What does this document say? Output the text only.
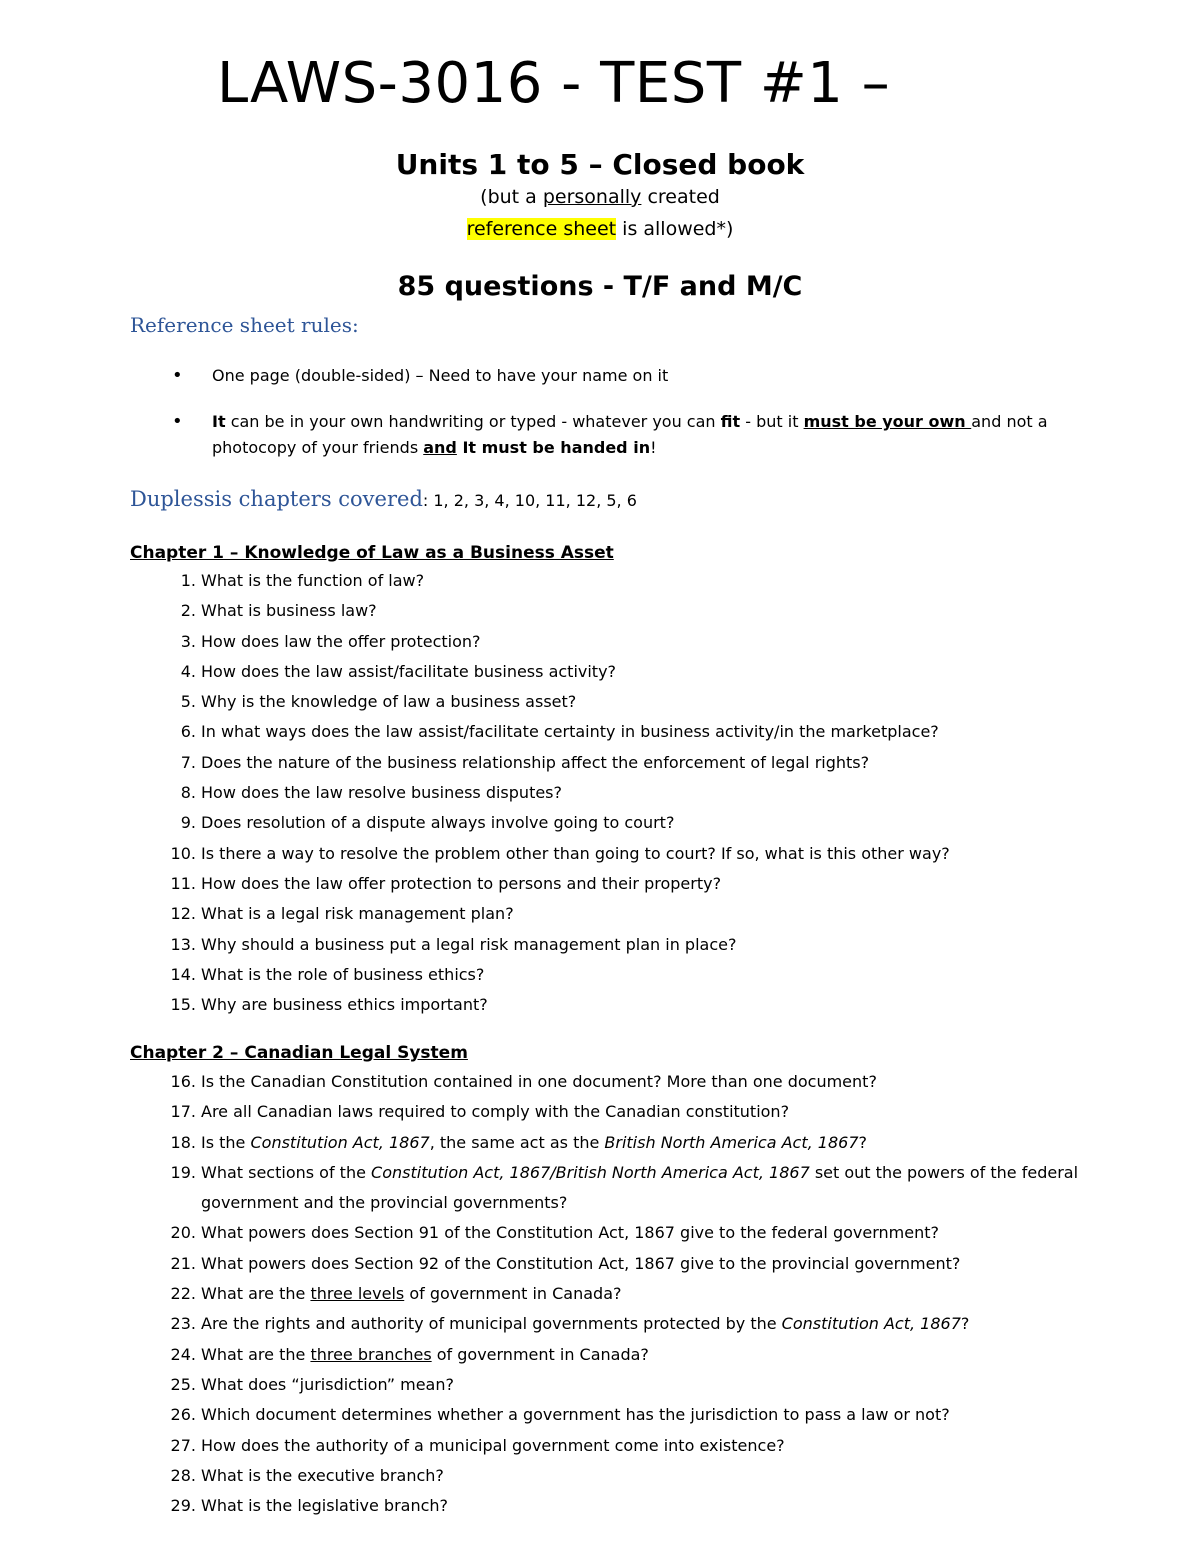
LAWS-3016 - TEST #1 –
Units 1 to 5 – Closed book
(but a personally created
reference sheet is allowed*)
85 questions - T/F and M/C
Reference sheet rules:
• One page (double-sided) – Need to have your name on it
• It can be in your own handwriting or typed - whatever you can fit - but it must be your own and not a photocopy of your friends and It must be handed in!
Duplessis chapters covered: 1, 2, 3, 4, 10, 11, 12, 5, 6
Chapter 1 – Knowledge of Law as a Business Asset
1. What is the function of law?
2. What is business law?
3. How does law the offer protection?
4. How does the law assist/facilitate business activity?
5. Why is the knowledge of law a business asset?
6. In what ways does the law assist/facilitate certainty in business activity/in the marketplace?
7. Does the nature of the business relationship affect the enforcement of legal rights?
8. How does the law resolve business disputes?
9. Does resolution of a dispute always involve going to court?
10. Is there a way to resolve the problem other than going to court? If so, what is this other way?
11. How does the law offer protection to persons and their property?
12. What is a legal risk management plan?
13. Why should a business put a legal risk management plan in place?
14. What is the role of business ethics?
15. Why are business ethics important?
Chapter 2 – Canadian Legal System
16. Is the Canadian Constitution contained in one document? More than one document?
17. Are all Canadian laws required to comply with the Canadian constitution?
18. Is the Constitution Act, 1867, the same act as the British North America Act, 1867?
19. What sections of the Constitution Act, 1867/British North America Act, 1867 set out the powers of the federal government and the provincial governments?
20. What powers does Section 91 of the Constitution Act, 1867 give to the federal government?
21. What powers does Section 92 of the Constitution Act, 1867 give to the provincial government?
22. What are the three levels of government in Canada?
23. Are the rights and authority of municipal governments protected by the Constitution Act, 1867?
24. What are the three branches of government in Canada?
25. What does “jurisdiction” mean?
26. Which document determines whether a government has the jurisdiction to pass a law or not?
27. How does the authority of a municipal government come into existence?
28. What is the executive branch?
29. What is the legislative branch?
